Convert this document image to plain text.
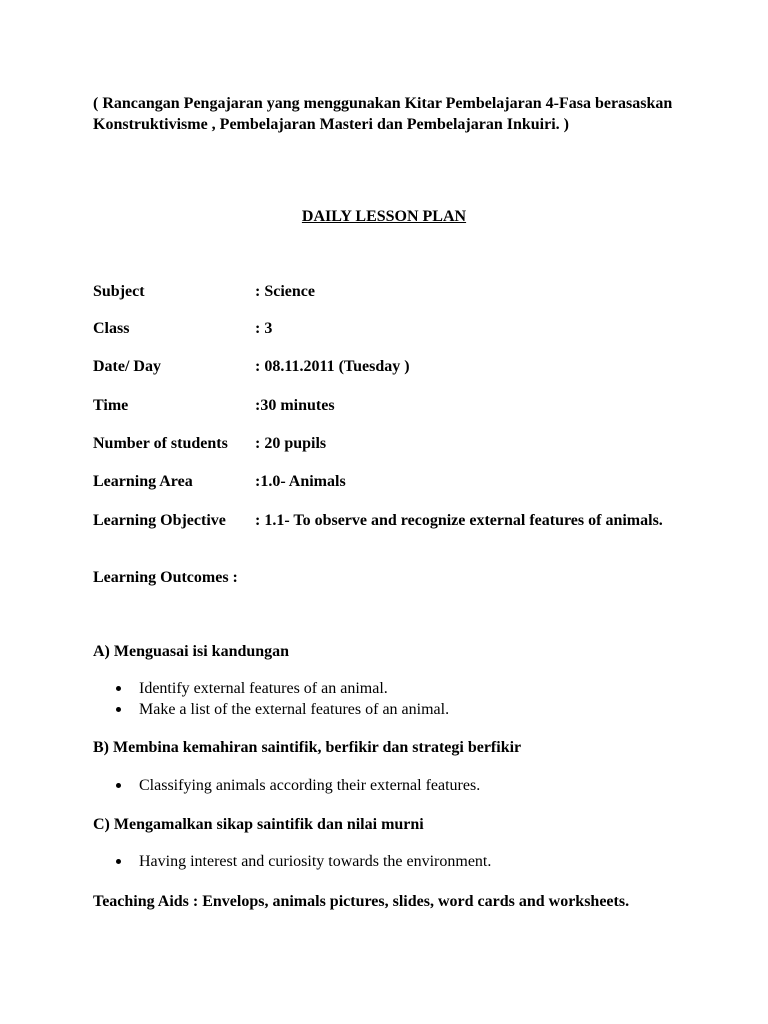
( Rancangan Pengajaran yang menggunakan Kitar Pembelajaran 4-Fasa berasaskan Konstruktivisme , Pembelajaran Masteri dan Pembelajaran Inkuiri. )
DAILY LESSON PLAN
Subject	: Science
Class	: 3
Date/ Day	: 08.11.2011 (Tuesday )
Time	:30 minutes
Number of students : 20 pupils
Learning Area	:1.0- Animals
Learning Objective : 1.1- To observe and recognize external features of animals.
Learning Outcomes :
A) Menguasai isi kandungan
Identify external features of an animal.
Make a list of the external features of an animal.
B) Membina kemahiran saintifik, berfikir dan strategi berfikir
Classifying animals according their external features.
C) Mengamalkan sikap saintifik dan nilai murni
Having interest and curiosity towards the environment.
Teaching Aids : Envelops, animals pictures, slides, word cards and worksheets.
